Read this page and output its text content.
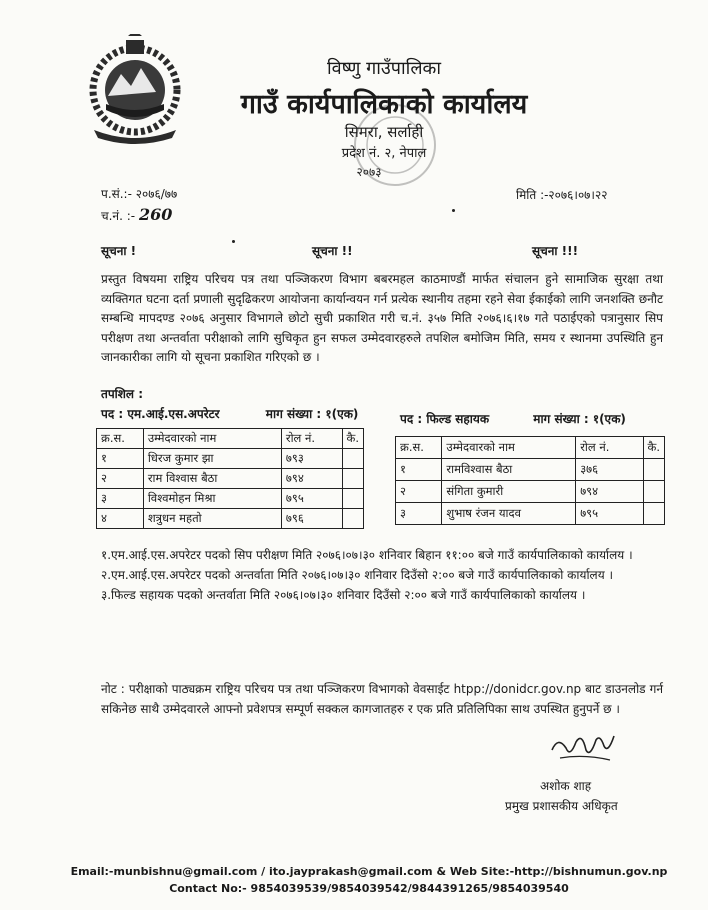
विष्णु गाउँपालिका
गाउँ कार्यपालिकाको कार्यालय
सिमरा, सर्लाही
प्रदेश नं. २, नेपाल
२०७३
प.सं.:- २०७६/७७
च.नं. :- 260
मिति :-२०७६।०७।२२
सूचना !	सूचना !!	सूचना !!!
प्रस्तुत विषयमा राष्ट्रिय परिचय पत्र तथा पञ्जिकरण विभाग बबरमहल काठमाण्डौं मार्फत संचालन हुने सामाजिक सुरक्षा तथा व्यक्तिगत घटना दर्ता प्रणाली सुदृढिकरण आयोजना कार्यान्वयन गर्न प्रत्येक स्थानीय तहमा रहने सेवा ईकाईको लागि जनशक्ति छनौट सम्बन्धि मापदण्ड २०७६ अनुसार विभागले छोटो सुची प्रकाशित गरी च.नं. ३५७ मिति २०७६।६।१७ गते पठाईएको पत्रानुसार सिप परीक्षण तथा अन्तर्वाता परीक्षाको लागि सुचिकृत हुन सफल उम्मेदवारहरुले तपशिल बमोजिम मिति, समय र स्थानमा उपस्थिति हुन जानकारीका लागि यो सूचना प्रकाशित गरिएको छ ।
तपशिल :
पद : एम.आई.एस.अपरेटर	माग संख्या : १(एक)	पद : फिल्ड सहायक	माग संख्या : १(एक)
क्र.स.	उम्मेदवारको नाम	रोल नं.	कै.
१	धिरज कुमार झा	७९३	
२	राम विश्वास बैठा	७९४	
३	विश्वमोहन मिश्रा	७९५	
४	शत्रुधन महतो	७९६	
क्र.स.	उम्मेदवारको नाम	रोल नं.	कै.
१	रामविश्वास बैठा	३७६	
२	संगिता कुमारी	७९४	
३	शुभाष रंजन यादव	७९५	

१.एम.आई.एस.अपरेटर पदको सिप परीक्षण मिति २०७६।०७।३० शनिवार बिहान ११:०० बजे गाउँ कार्यपालिकाको कार्यालय ।

२.एम.आई.एस.अपरेटर पदको अन्तर्वाता मिति २०७६।०७।३० शनिवार दिउँसो २:०० बजे गाउँ कार्यपालिकाको कार्यालय ।

३.फिल्ड सहायक पदको अन्तर्वाता मिति २०७६।०७।३० शनिवार दिउँसो २:०० बजे गाउँ कार्यपालिकाको कार्यालय ।

नोट : परीक्षाको पाठ्यक्रम राष्ट्रिय परिचय पत्र तथा पञ्जिकरण विभागको वेवसाईट htpp://donidcr.gov.np बाट डाउनलोड गर्न सकिनेछ साथै उम्मेदवारले आफ्नो प्रवेशपत्र सम्पूर्ण सक्कल कागजातहरु र एक प्रति प्रतिलिपिका साथ उपस्थित हुनुपर्ने छ ।
अशोक शाह
प्रमुख प्रशासकीय अधिकृत
Email:-munbishnu@gmail.com / ito.jayprakash@gmail.com & Web Site:-http://bishnumun.gov.np
Contact No:- 9854039539/9854039542/9844391265/9854039540
